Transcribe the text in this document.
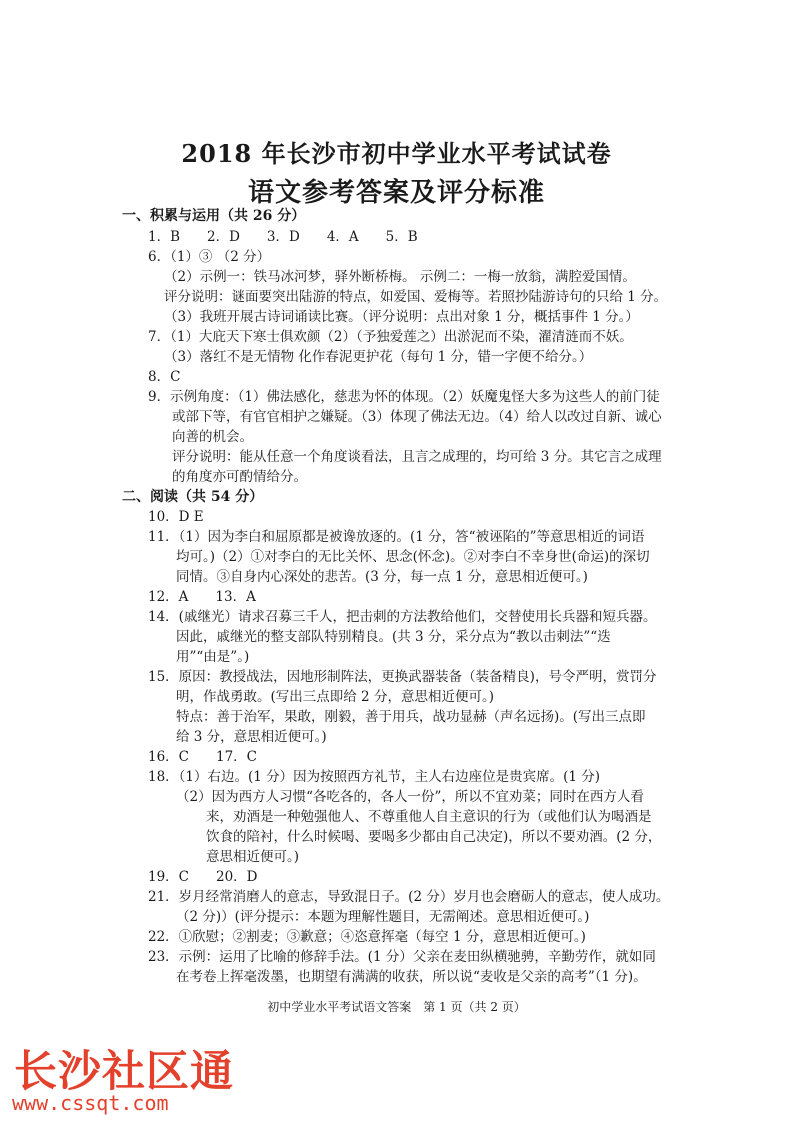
2018 年长沙市初中学业水平考试试卷
语文参考答案及评分标准
一、积累与运用（共 26 分）
1．B　　2．D　　3．D　　4．A　　5．B
6．（1）③ （2 分）
（2）示例一：铁马冰河梦，驿外断桥梅。 示例二：一梅一放翁，满腔爱国情。
评分说明：谜面要突出陆游的特点，如爱国、爱梅等。若照抄陆游诗句的只给 1 分。
（3）我班开展古诗词诵读比赛。（评分说明：点出对象 1 分，概括事件 1 分。）
7．（1）大庇天下寒士俱欢颜（2）（予独爱莲之）出淤泥而不染，濯清涟而不妖。
（3）落红不是无情物 化作春泥更护花（每句 1 分，错一字便不给分。）
8．C
9．示例角度：（1）佛法感化，慈悲为怀的体现。（2）妖魔鬼怪大多为这些人的前门徒
或部下等，有官官相护之嫌疑。（3）体现了佛法无边。（4）给人以改过自新、诚心
向善的机会。
评分说明：能从任意一个角度谈看法，且言之成理的，均可给 3 分。其它言之成理
的角度亦可酌情给分。
二、阅读（共 54 分）
10．D E
11．（1）因为李白和屈原都是被谗放逐的。(1 分，答“被诬陷的”等意思相近的词语
均可。)（2）①对李白的无比关怀、思念(怀念)。②对李白不幸身世(命运)的深切
同情。③自身内心深处的悲苦。(3 分，每一点 1 分，意思相近便可。)
12．A　　13．A
14．(戚继光）请求召募三千人，把击刺的方法教给他们，交替使用长兵器和短兵器。
因此，戚继光的整支部队特别精良。(共 3 分，采分点为“教以击刺法”“迭
用”“由是”。)
15．原因：教授战法，因地形制阵法，更换武器装备（装备精良)，号令严明，赏罚分
明，作战勇敢。(写出三点即给 2 分，意思相近便可。)
特点：善于治军，果敢，刚毅，善于用兵，战功显赫（声名远扬)。(写出三点即
给 3 分，意思相近便可。)
16．C　　17．C
18．（1）右边。(1 分）因为按照西方礼节，主人右边座位是贵宾席。(1 分)
（2）因为西方人习惯“各吃各的，各人一份”，所以不宜劝菜；同时在西方人看
来，劝酒是一种勉强他人、不尊重他人自主意识的行为（或他们认为喝酒是
饮食的陪衬，什么时候喝、要喝多少都由自己决定)，所以不要劝酒。(2 分，
意思相近便可。)
19．C　　20．D
21．岁月经常消磨人的意志，导致混日子。(2 分）岁月也会磨砺人的意志，使人成功。
（2 分)）(评分提示：本题为理解性题目，无需阐述。意思相近便可。)
22．①欣慰；②割麦；③歉意；④恣意挥毫（每空 1 分，意思相近便可。)
23．示例：运用了比喻的修辞手法。(1 分）父亲在麦田纵横驰骋，辛勤劳作，就如同
在考卷上挥毫泼墨，也期望有满满的收获，所以说“麦收是父亲的高考”（1 分)。
初中学业水平考试语文答案　第 1 页（共 2 页）
长沙社区通
www.cssqt.com
